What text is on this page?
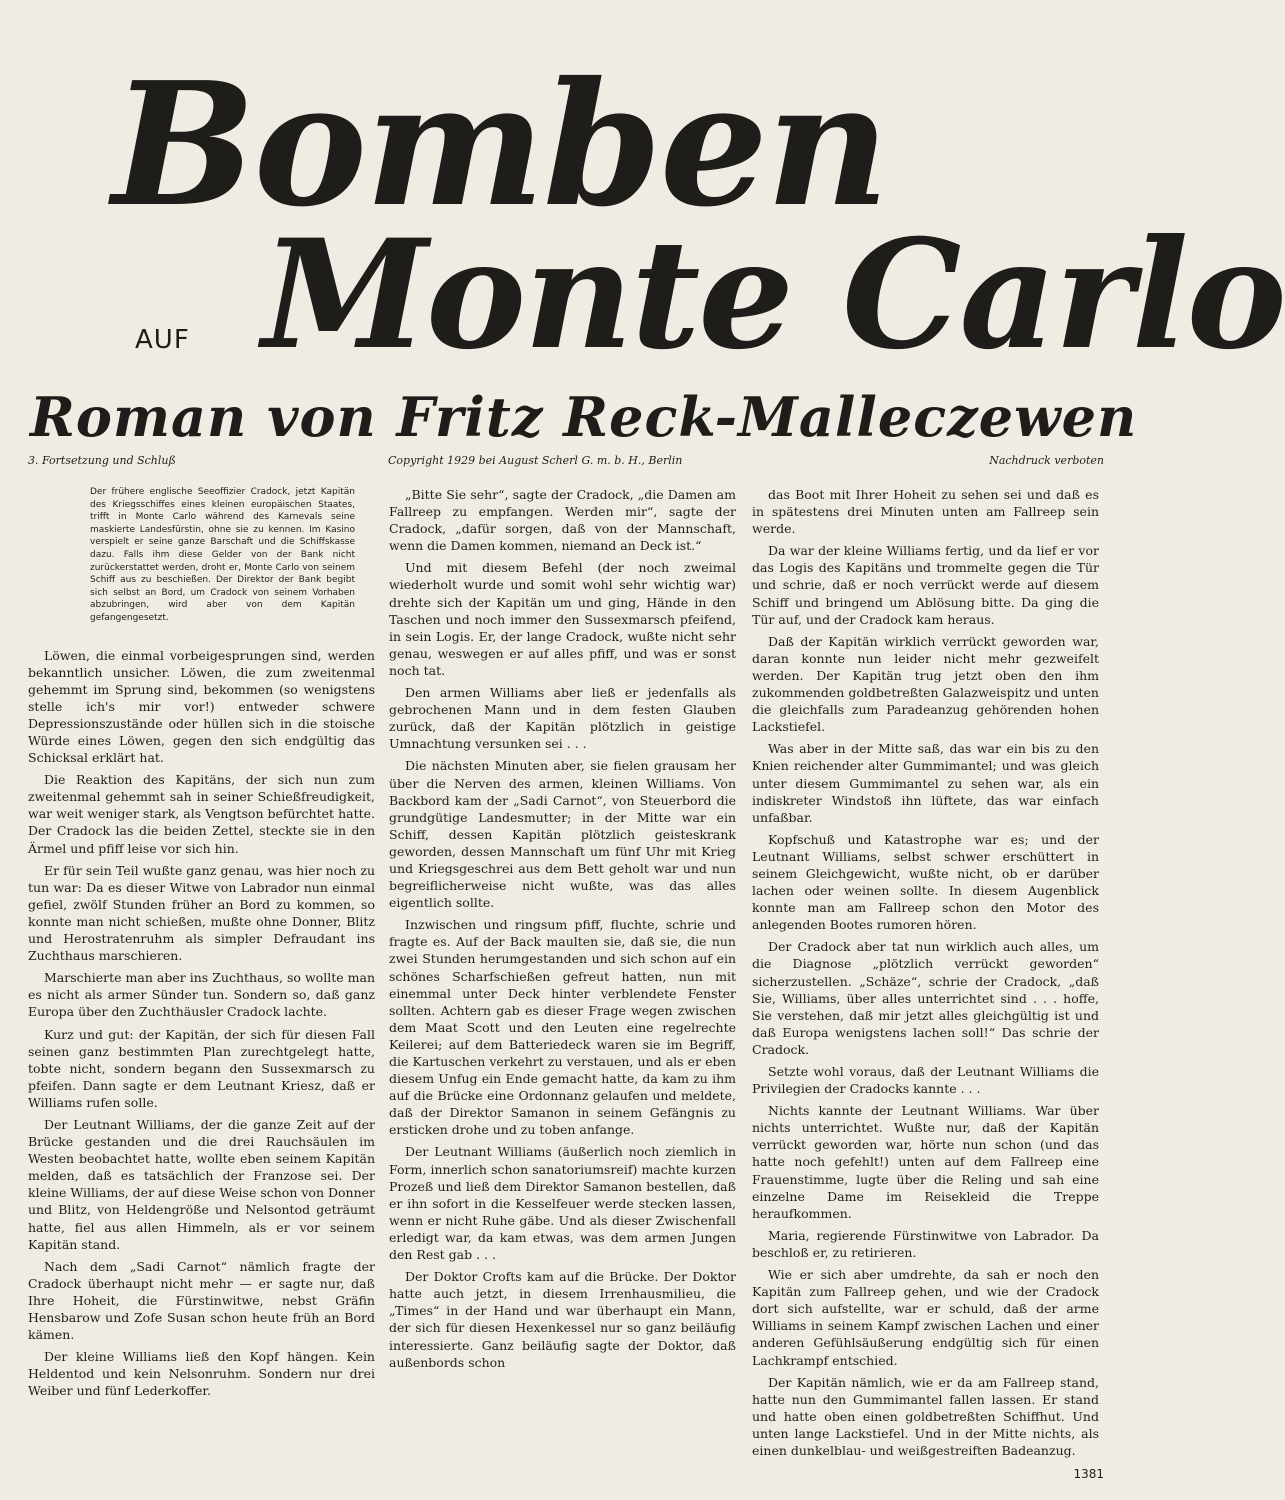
Bomben
AUF Monte Carlo
Roman von Fritz Reck-Malleczewen
3. Fortsetzung und Schluß	Copyright 1929 bei August Scherl G. m. b. H., Berlin	Nachdruck verboten

Der frühere englische Seeoffizier Cradock, jetzt Kapitän des Kriegsschiffes eines kleinen europäischen Staates, trifft in Monte Carlo während des Karnevals seine maskierte Landesfürstin, ohne sie zu kennen. Im Kasino verspielt er seine ganze Barschaft und die Schiffskasse dazu. Falls ihm diese Gelder von der Bank nicht zurückerstattet werden, droht er, Monte Carlo von seinem Schiff aus zu beschießen. Der Direktor der Bank begibt sich selbst an Bord, um Cradock von seinem Vorhaben abzubringen, wird aber von dem Kapitän gefangengesetzt.

Löwen, die einmal vorbeigesprungen sind, werden bekanntlich unsicher. Löwen, die zum zweitenmal gehemmt im Sprung sind, bekommen (so wenigstens stelle ich's mir vor!) entweder schwere Depressionszustände oder hüllen sich in die stoische Würde eines Löwen, gegen den sich endgültig das Schicksal erklärt hat.

Die Reaktion des Kapitäns, der sich nun zum zweitenmal gehemmt sah in seiner Schießfreudigkeit, war weit weniger stark, als Vengtson befürchtet hatte. Der Cradock las die beiden Zettel, steckte sie in den Ärmel und pfiff leise vor sich hin.

Er für sein Teil wußte ganz genau, was hier noch zu tun war: Da es dieser Witwe von Labrador nun einmal gefiel, zwölf Stunden früher an Bord zu kommen, so konnte man nicht schießen, mußte ohne Donner, Blitz und Herostratenruhm als simpler Defraudant ins Zuchthaus marschieren.

Marschierte man aber ins Zuchthaus, so wollte man es nicht als armer Sünder tun. Sondern so, daß ganz Europa über den Zuchthäusler Cradock lachte.

Kurz und gut: der Kapitän, der sich für diesen Fall seinen ganz bestimmten Plan zurechtgelegt hatte, tobte nicht, sondern begann den Sussexmarsch zu pfeifen. Dann sagte er dem Leutnant Kriesz, daß er Williams rufen solle.

Der Leutnant Williams, der die ganze Zeit auf der Brücke gestanden und die drei Rauchsäulen im Westen beobachtet hatte, wollte eben seinem Kapitän melden, daß es tatsächlich der Franzose sei. Der kleine Williams, der auf diese Weise schon von Donner und Blitz, von Heldengröße und Nelsontod geträumt hatte, fiel aus allen Himmeln, als er vor seinem Kapitän stand.

Nach dem „Sadi Carnot“ nämlich fragte der Cradock überhaupt nicht mehr — er sagte nur, daß Ihre Hoheit, die Fürstinwitwe, nebst Gräfin Hensbarow und Zofe Susan schon heute früh an Bord kämen.

Der kleine Williams ließ den Kopf hängen. Kein Heldentod und kein Nelsonruhm. Sondern nur drei Weiber und fünf Lederkoffer.

„Bitte Sie sehr“, sagte der Cradock, „die Damen am Fallreep zu empfangen. Werden mir“, sagte der Cradock, „dafür sorgen, daß von der Mannschaft, wenn die Damen kommen, niemand an Deck ist.“

Und mit diesem Befehl (der noch zweimal wiederholt wurde und somit wohl sehr wichtig war) drehte sich der Kapitän um und ging, Hände in den Taschen und noch immer den Sussexmarsch pfeifend, in sein Logis. Er, der lange Cradock, wußte nicht sehr genau, weswegen er auf alles pfiff, und was er sonst noch tat.

Den armen Williams aber ließ er jedenfalls als gebrochenen Mann und in dem festen Glauben zurück, daß der Kapitän plötzlich in geistige Umnachtung versunken sei . . .

Die nächsten Minuten aber, sie fielen grausam her über die Nerven des armen, kleinen Williams. Von Backbord kam der „Sadi Carnot“, von Steuerbord die grundgütige Landesmutter; in der Mitte war ein Schiff, dessen Kapitän plötzlich geisteskrank geworden, dessen Mannschaft um fünf Uhr mit Krieg und Kriegsgeschrei aus dem Bett geholt war und nun begreiflicherweise nicht wußte, was das alles eigentlich sollte.

Inzwischen und ringsum pfiff, fluchte, schrie und fragte es. Auf der Back maulten sie, daß sie, die nun zwei Stunden herumgestanden und sich schon auf ein schönes Scharfschießen gefreut hatten, nun mit einemmal unter Deck hinter verblendete Fenster sollten. Achtern gab es dieser Frage wegen zwischen dem Maat Scott und den Leuten eine regelrechte Keilerei; auf dem Batteriedeck waren sie im Begriff, die Kartuschen verkehrt zu verstauen, und als er eben diesem Unfug ein Ende gemacht hatte, da kam zu ihm auf die Brücke eine Ordonnanz gelaufen und meldete, daß der Direktor Samanon in seinem Gefängnis zu ersticken drohe und zu toben anfange.

Der Leutnant Williams (äußerlich noch ziemlich in Form, innerlich schon sanatoriumsreif) machte kurzen Prozeß und ließ dem Direktor Samanon bestellen, daß er ihn sofort in die Kesselfeuer werde stecken lassen, wenn er nicht Ruhe gäbe. Und als dieser Zwischenfall erledigt war, da kam etwas, was dem armen Jungen den Rest gab . . .

Der Doktor Crofts kam auf die Brücke. Der Doktor hatte auch jetzt, in diesem Irrenhausmilieu, die „Times“ in der Hand und war überhaupt ein Mann, der sich für diesen Hexenkessel nur so ganz beiläufig interessierte. Ganz beiläufig sagte der Doktor, daß außenbords schon

das Boot mit Ihrer Hoheit zu sehen sei und daß es in spätestens drei Minuten unten am Fallreep sein werde.

Da war der kleine Williams fertig, und da lief er vor das Logis des Kapitäns und trommelte gegen die Tür und schrie, daß er noch verrückt werde auf diesem Schiff und bringend um Ablösung bitte. Da ging die Tür auf, und der Cradock kam heraus.

Daß der Kapitän wirklich verrückt geworden war, daran konnte nun leider nicht mehr gezweifelt werden. Der Kapitän trug jetzt oben den ihm zukommenden goldbetreßten Galazweispitz und unten die gleichfalls zum Paradeanzug gehörenden hohen Lackstiefel.

Was aber in der Mitte saß, das war ein bis zu den Knien reichender alter Gummimantel; und was gleich unter diesem Gummimantel zu sehen war, als ein indiskreter Windstoß ihn lüftete, das war einfach unfaßbar.

Kopfschuß und Katastrophe war es; und der Leutnant Williams, selbst schwer erschüttert in seinem Gleichgewicht, wußte nicht, ob er darüber lachen oder weinen sollte. In diesem Augenblick konnte man am Fallreep schon den Motor des anlegenden Bootes rumoren hören.

Der Cradock aber tat nun wirklich auch alles, um die Diagnose „plötzlich verrückt geworden“ sicherzustellen. „Schäze“, schrie der Cradock, „daß Sie, Williams, über alles unterrichtet sind . . . hoffe, Sie verstehen, daß mir jetzt alles gleichgültig ist und daß Europa wenigstens lachen soll!“ Das schrie der Cradock.

Setzte wohl voraus, daß der Leutnant Williams die Privilegien der Cradocks kannte . . .

Nichts kannte der Leutnant Williams. War über nichts unterrichtet. Wußte nur, daß der Kapitän verrückt geworden war, hörte nun schon (und das hatte noch gefehlt!) unten auf dem Fallreep eine Frauenstimme, lugte über die Reling und sah eine einzelne Dame im Reisekleid die Treppe heraufkommen.

Maria, regierende Fürstinwitwe von Labrador. Da beschloß er, zu retirieren.

Wie er sich aber umdrehte, da sah er noch den Kapitän zum Fallreep gehen, und wie der Cradock dort sich aufstellte, war er schuld, daß der arme Williams in seinem Kampf zwischen Lachen und einer anderen Gefühlsäußerung endgültig sich für einen Lachkrampf entschied.

Der Kapitän nämlich, wie er da am Fallreep stand, hatte nun den Gummimantel fallen lassen. Er stand und hatte oben einen goldbetreßten Schiffhut. Und unten lange Lackstiefel. Und in der Mitte nichts, als einen dunkelblau- und weißgestreiften Badeanzug.

1381
